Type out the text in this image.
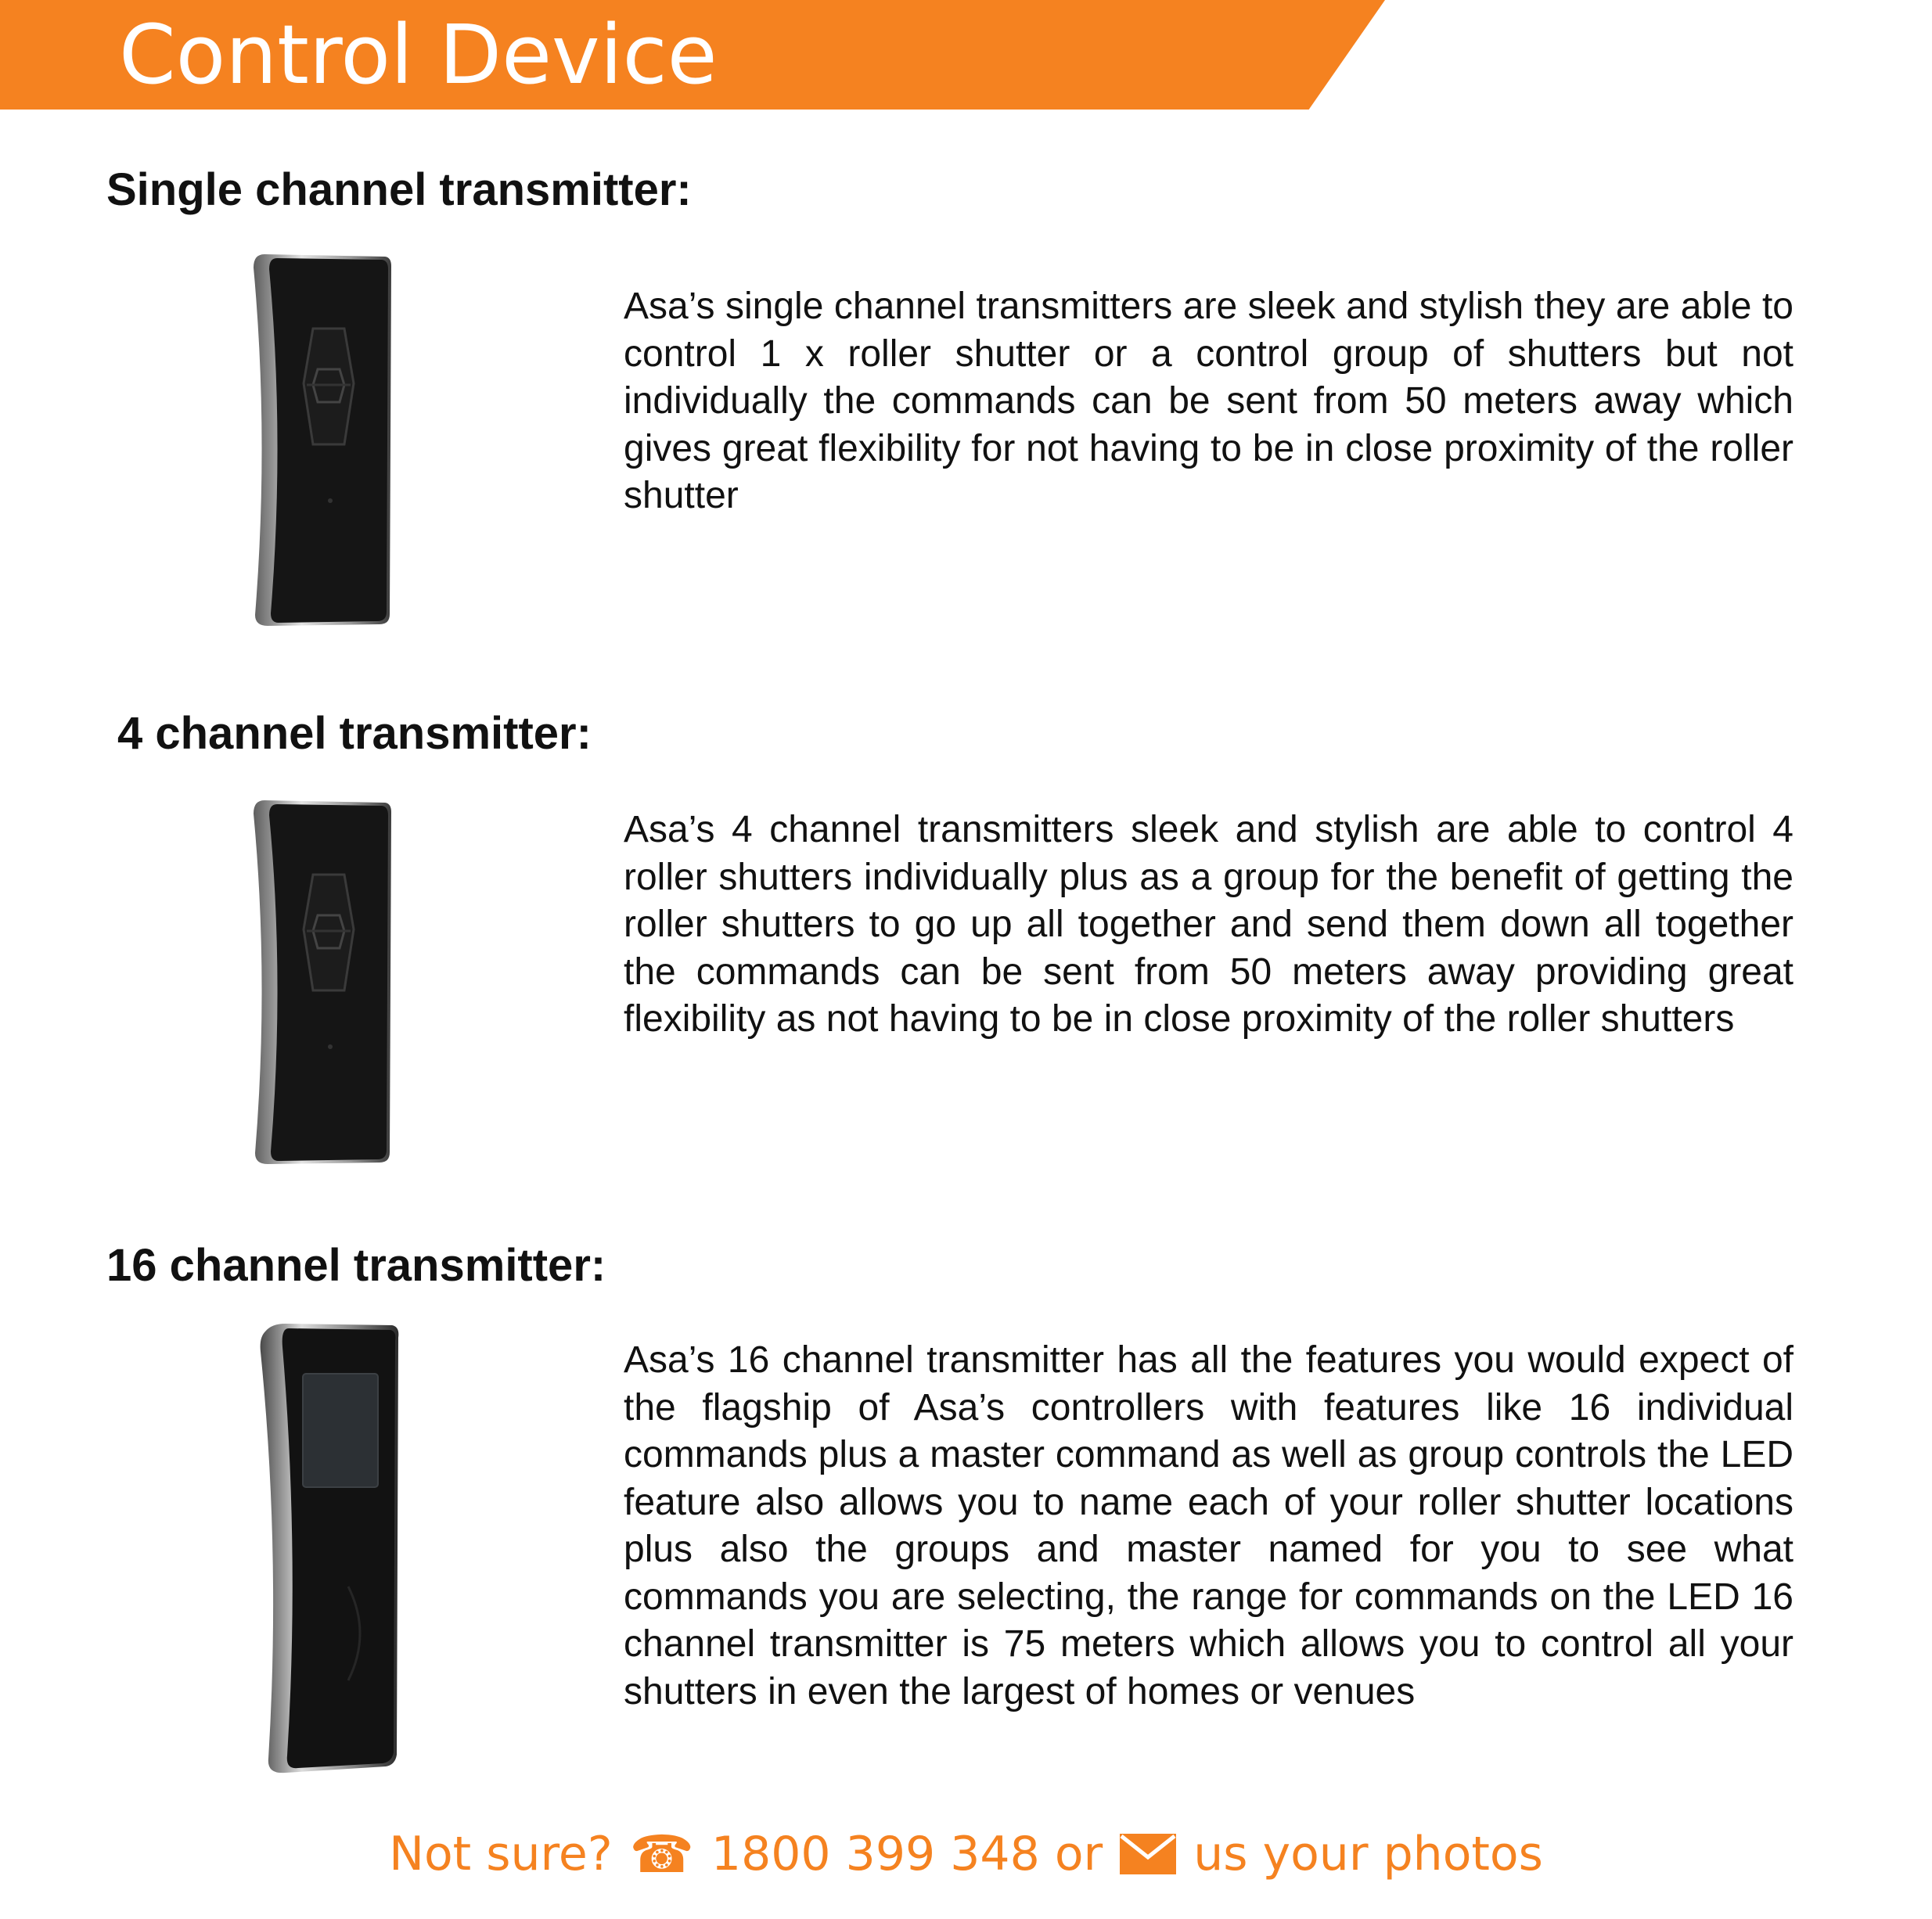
Control Device
Single channel transmitter:

Asa’s single channel transmitters are sleek and stylish they are able to control 1 x roller shutter or a control group of shutters but not individually the commands can be sent from 50 meters away which gives great flexibility for not having to be in close proximity of the roller shutter

4 channel transmitter:

Asa’s 4 channel transmitters sleek and stylish are able to control 4 roller shutters individually plus as a group for the benefit of getting the roller shutters to go up all together and send them down all together the commands can be sent from 50 meters away providing great flexibility as not having to be in close proximity of the roller shutters

16 channel transmitter:

Asa’s 16 channel transmitter has all the features you would expect of the flagship of Asa’s controllers with features like 16 individual commands plus a master command as well as group controls the LED feature also allows you to name each of your roller shutter locations plus also the groups and master named for you to see what commands you are selecting, the range for commands on the LED 16 channel transmitter is 75 meters which allows you to control all your shutters in even the largest of homes or venues

Not sure? ☎ 1800 399 348 or us your photos
